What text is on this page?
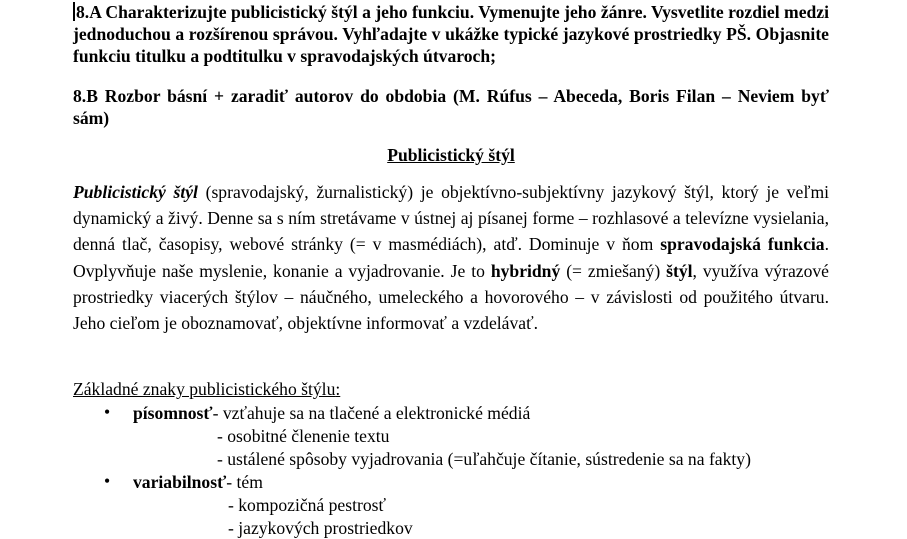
8.A Charakterizujte publicistický štýl a jeho funkciu. Vymenujte jeho žánre. Vysvetlite rozdiel medzi jednoduchou a rozšírenou správou. Vyhľadajte v ukážke typické jazykové prostriedky PŠ. Objasnite funkciu titulku a podtitulku v spravodajských útvaroch;

8.B Rozbor básní + zaradiť autorov do obdobia (M. Rúfus – Abeceda, Boris Filan – Neviem byť sám)

Publicistický štýl

Publicistický štýl (spravodajský, žurnalistický) je objektívno-subjektívny jazykový štýl, ktorý je veľmi dynamický a živý. Denne sa s ním stretávame v ústnej aj písanej forme – rozhlasové a televízne vysielania, denná tlač, časopisy, webové stránky (= v masmédiách), atď. Dominuje v ňom spravodajská funkcia. Ovplyvňuje naše myslenie, konanie a vyjadrovanie. Je to hybridný (= zmiešaný) štýl, využíva výrazové prostriedky viacerých štýlov – náučného, umeleckého a hovorového – v závislosti od použitého útvaru. Jeho cieľom je oboznamovať, objektívne informovať a vzdelávať.

Základné znaky publicistického štýlu:
• písomnosť- vzťahuje sa na tlačené a elektronické médiá
- osobitné členenie textu
- ustálené spôsoby vyjadrovania (=uľahčuje čítanie, sústredenie sa na fakty)
• variabilnosť- tém
- kompozičná pestrosť
- jazykových prostriedkov
